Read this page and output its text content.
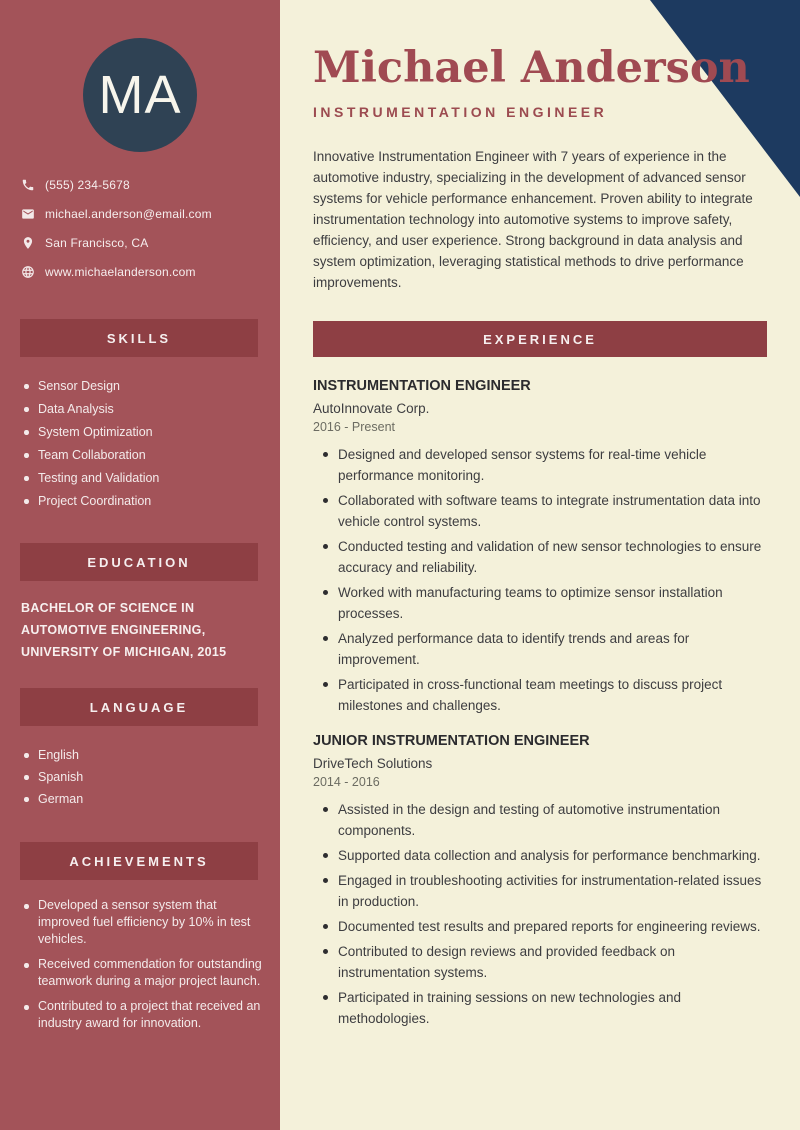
MA
(555) 234-5678
michael.anderson@email.com
San Francisco, CA
www.michaelanderson.com
SKILLS
Sensor Design
Data Analysis
System Optimization
Team Collaboration
Testing and Validation
Project Coordination
EDUCATION
BACHELOR OF SCIENCE IN AUTOMOTIVE ENGINEERING, UNIVERSITY OF MICHIGAN, 2015
LANGUAGE
English
Spanish
German
ACHIEVEMENTS
Developed a sensor system that improved fuel efficiency by 10% in test vehicles.
Received commendation for outstanding teamwork during a major project launch.
Contributed to a project that received an industry award for innovation.
Michael Anderson
INSTRUMENTATION ENGINEER

Innovative Instrumentation Engineer with 7 years of experience in the automotive industry, specializing in the development of advanced sensor systems for vehicle performance enhancement. Proven ability to integrate instrumentation technology into automotive systems to improve safety, efficiency, and user experience. Strong background in data analysis and system optimization, leveraging statistical methods to drive performance improvements.

EXPERIENCE
INSTRUMENTATION ENGINEER
AutoInnovate Corp.
2016 - Present
Designed and developed sensor systems for real-time vehicle performance monitoring.
Collaborated with software teams to integrate instrumentation data into vehicle control systems.
Conducted testing and validation of new sensor technologies to ensure accuracy and reliability.
Worked with manufacturing teams to optimize sensor installation processes.
Analyzed performance data to identify trends and areas for improvement.
Participated in cross-functional team meetings to discuss project milestones and challenges.
JUNIOR INSTRUMENTATION ENGINEER
DriveTech Solutions
2014 - 2016
Assisted in the design and testing of automotive instrumentation components.
Supported data collection and analysis for performance benchmarking.
Engaged in troubleshooting activities for instrumentation-related issues in production.
Documented test results and prepared reports for engineering reviews.
Contributed to design reviews and provided feedback on instrumentation systems.
Participated in training sessions on new technologies and methodologies.
